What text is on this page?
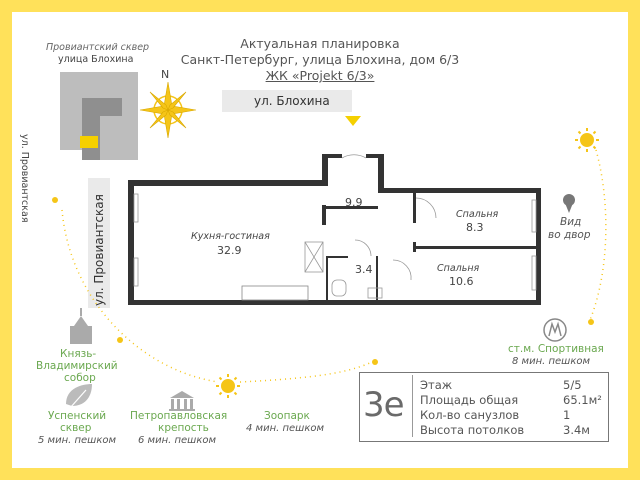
Актуальная планировка
Санкт-Петербург, улица Блохина, дом 6/3
ЖК «Projekt 6/3»
Провиантский сквер
улица Блохина
ул. Провиантская
N
ул. Блохина
ул. Провиантская	Кухня-гостиная
32.9
9.9
3.4
Спальня
8.3
Спальня
10.6
Вид
во двор
ст.м. Спортивная
8 мин. пешком
Князь-
Владимирский
собор
Успенский
сквер
5 мин. пешком
Петропавловская
крепость
6 мин. пешком
Зоопарк
4 мин. пешком
3е Этаж	5/5
Площадь общая	65.1м²
Кол-во санузлов	1
Высота потолков	3.4м
